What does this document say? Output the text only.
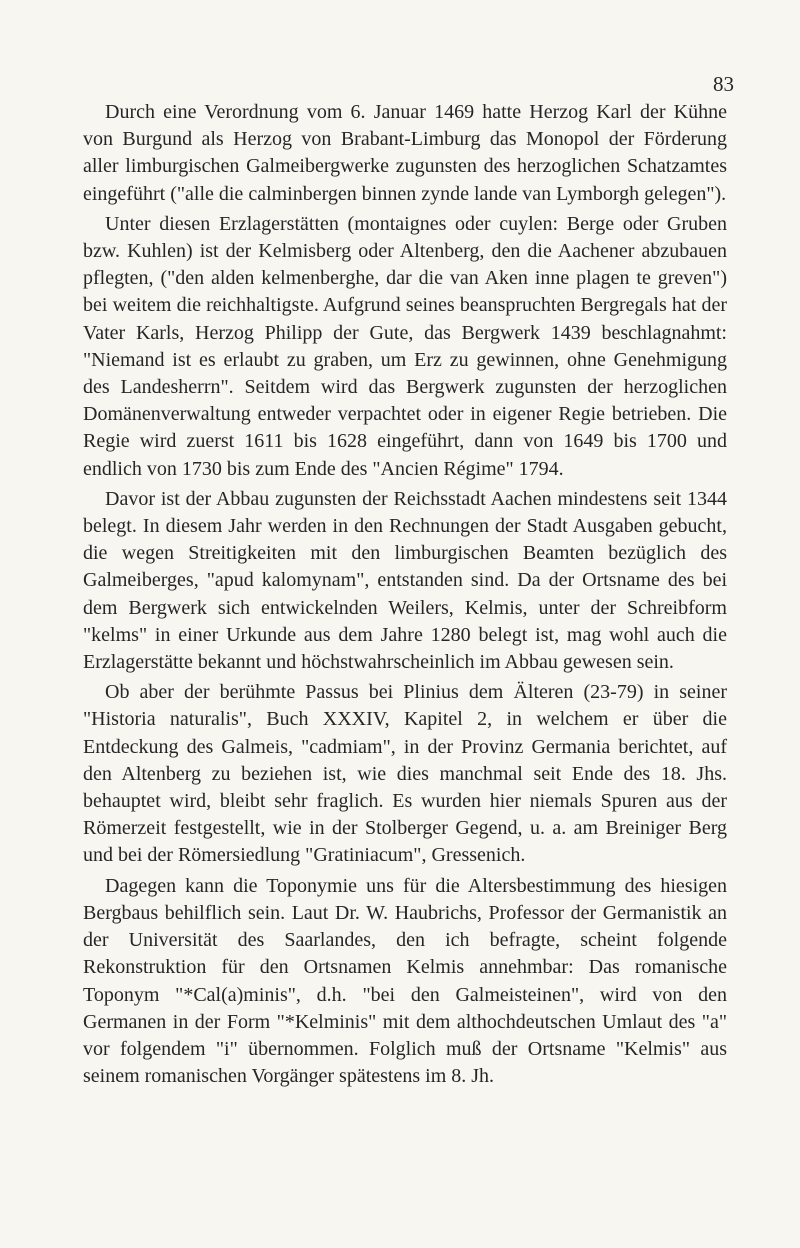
83

Durch eine Verordnung vom 6. Januar 1469 hatte Herzog Karl der Kühne von Burgund als Herzog von Brabant-Limburg das Monopol der Förderung aller limburgischen Galmeibergwerke zugunsten des herzoglichen Schatzamtes eingeführt ("alle die calminbergen binnen zynde lande van Lymborgh gelegen").

Unter diesen Erzlagerstätten (montaignes oder cuylen: Berge oder Gruben bzw. Kuhlen) ist der Kelmisberg oder Altenberg, den die Aachener abzubauen pflegten, ("den alden kelmenberghe, dar die van Aken inne plagen te greven") bei weitem die reichhaltigste. Aufgrund seines beanspruchten Bergregals hat der Vater Karls, Herzog Philipp der Gute, das Bergwerk 1439 beschlagnahmt: "Niemand ist es erlaubt zu graben, um Erz zu gewinnen, ohne Genehmigung des Landesherrn". Seitdem wird das Bergwerk zugunsten der herzoglichen Domänenverwaltung entweder verpachtet oder in eigener Regie betrieben. Die Regie wird zuerst 1611 bis 1628 eingeführt, dann von 1649 bis 1700 und endlich von 1730 bis zum Ende des "Ancien Régime" 1794.

Davor ist der Abbau zugunsten der Reichsstadt Aachen mindestens seit 1344 belegt. In diesem Jahr werden in den Rechnungen der Stadt Ausgaben gebucht, die wegen Streitigkeiten mit den limburgischen Beamten bezüglich des Galmeiberges, "apud kalomynam", entstanden sind. Da der Ortsname des bei dem Bergwerk sich entwickelnden Weilers, Kelmis, unter der Schreibform "kelms" in einer Urkunde aus dem Jahre 1280 belegt ist, mag wohl auch die Erzlagerstätte bekannt und höchstwahrscheinlich im Abbau gewesen sein.

Ob aber der berühmte Passus bei Plinius dem Älteren (23-79) in seiner "Historia naturalis", Buch XXXIV, Kapitel 2, in welchem er über die Entdeckung des Galmeis, "cadmiam", in der Provinz Germania berichtet, auf den Altenberg zu beziehen ist, wie dies manchmal seit Ende des 18. Jhs. behauptet wird, bleibt sehr fraglich. Es wurden hier niemals Spuren aus der Römerzeit festgestellt, wie in der Stolberger Gegend, u. a. am Breiniger Berg und bei der Römersiedlung "Gratiniacum", Gressenich.

Dagegen kann die Toponymie uns für die Altersbestimmung des hiesigen Bergbaus behilflich sein. Laut Dr. W. Haubrichs, Professor der Germanistik an der Universität des Saarlandes, den ich befragte, scheint folgende Rekonstruktion für den Ortsnamen Kelmis annehmbar: Das romanische Toponym "*Cal(a)minis", d.h. "bei den Galmeisteinen", wird von den Germanen in der Form "*Kelminis" mit dem althochdeutschen Umlaut des "a" vor folgendem "i" übernommen. Folglich muß der Ortsname "Kelmis" aus seinem romanischen Vorgänger spätestens im 8. Jh.
